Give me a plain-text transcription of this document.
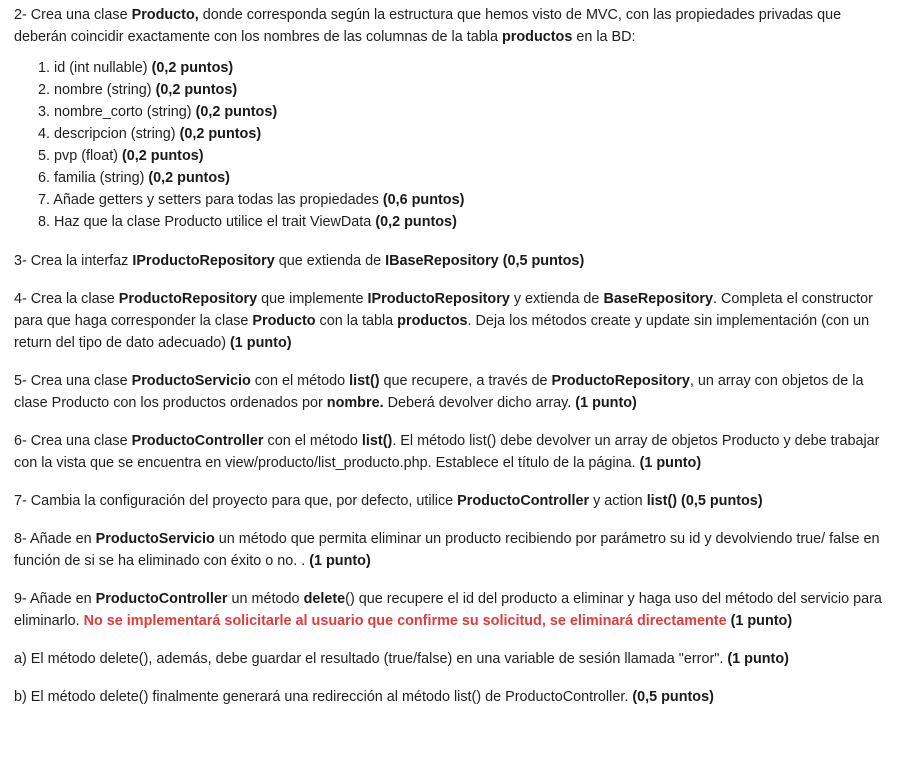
2- Crea una clase Producto, donde corresponda según la estructura que hemos visto de MVC, con las propiedades privadas que deberán coincidir exactamente con los nombres de las columnas de la tabla productos en la BD:

1. id (int nullable) (0,2 puntos)
2. nombre (string) (0,2 puntos)
3. nombre_corto (string) (0,2 puntos)
4. descripcion (string) (0,2 puntos)
5. pvp (float) (0,2 puntos)
6. familia (string) (0,2 puntos)
7. Añade getters y setters para todas las propiedades (0,6 puntos)
8. Haz que la clase Producto utilice el trait ViewData (0,2 puntos)

3- Crea la interfaz IProductoRepository que extienda de IBaseRepository (0,5 puntos)

4- Crea la clase ProductoRepository que implemente IProductoRepository y extienda de BaseRepository. Completa el constructor para que haga corresponder la clase Producto con la tabla productos. Deja los métodos create y update sin implementación (con un return del tipo de dato adecuado) (1 punto)

5- Crea una clase ProductoServicio con el método list() que recupere, a través de ProductoRepository, un array con objetos de la clase Producto con los productos ordenados por nombre. Deberá devolver dicho array. (1 punto)

6- Crea una clase ProductoController con el método list(). El método list() debe devolver un array de objetos Producto y debe trabajar con la vista que se encuentra en view/producto/list_producto.php. Establece el título de la página. (1 punto)

7- Cambia la configuración del proyecto para que, por defecto, utilice ProductoController y action list() (0,5 puntos)

8- Añade en ProductoServicio un método que permita eliminar un producto recibiendo por parámetro su id y devolviendo true/ false en función de si se ha eliminado con éxito o no. . (1 punto)

9- Añade en ProductoController un método delete() que recupere el id del producto a eliminar y haga uso del método del servicio para eliminarlo. No se implementará solicitarle al usuario que confirme su solicitud, se eliminará directamente (1 punto)

a) El método delete(), además, debe guardar el resultado (true/false) en una variable de sesión llamada "error". (1 punto)

b) El método delete() finalmente generará una redirección al método list() de ProductoController. (0,5 puntos)
